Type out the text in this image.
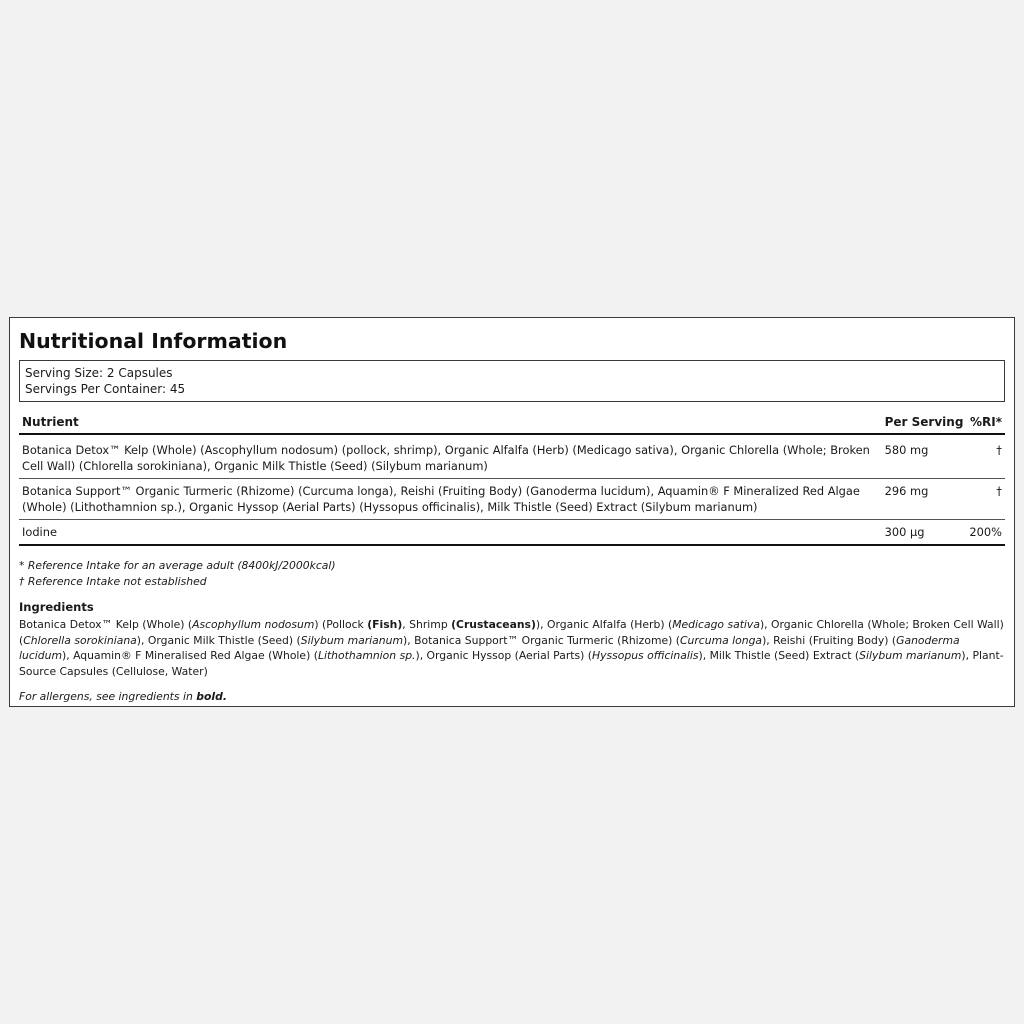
Nutritional Information
Serving Size: 2 Capsules
Servings Per Container: 45
Nutrient	Per Serving	%RI*
Botanica Detox™ Kelp (Whole) (Ascophyllum nodosum) (pollock, shrimp), Organic Alfalfa (Herb) (Medicago sativa), Organic Chlorella (Whole; Broken Cell Wall) (Chlorella sorokiniana), Organic Milk Thistle (Seed) (Silybum marianum)	580 mg	†
Botanica Support™ Organic Turmeric (Rhizome) (Curcuma longa), Reishi (Fruiting Body) (Ganoderma lucidum), Aquamin® F Mineralized Red Algae (Whole) (Lithothamnion sp.), Organic Hyssop (Aerial Parts) (Hyssopus officinalis), Milk Thistle (Seed) Extract (Silybum marianum)	296 mg	†
Iodine	300 µg	200%
* Reference Intake for an average adult (8400kJ/2000kcal)
† Reference Intake not established
Ingredients
Botanica Detox™ Kelp (Whole) (Ascophyllum nodosum) (Pollock (Fish), Shrimp (Crustaceans)), Organic Alfalfa (Herb) (Medicago sativa), Organic Chlorella (Whole; Broken Cell Wall) (Chlorella sorokiniana), Organic Milk Thistle (Seed) (Silybum marianum), Botanica Support™ Organic Turmeric (Rhizome) (Curcuma longa), Reishi (Fruiting Body) (Ganoderma lucidum), Aquamin® F Mineralised Red Algae (Whole) (Lithothamnion sp.), Organic Hyssop (Aerial Parts) (Hyssopus officinalis), Milk Thistle (Seed) Extract (Silybum marianum), Plant-Source Capsules (Cellulose, Water)
For allergens, see ingredients in bold.
